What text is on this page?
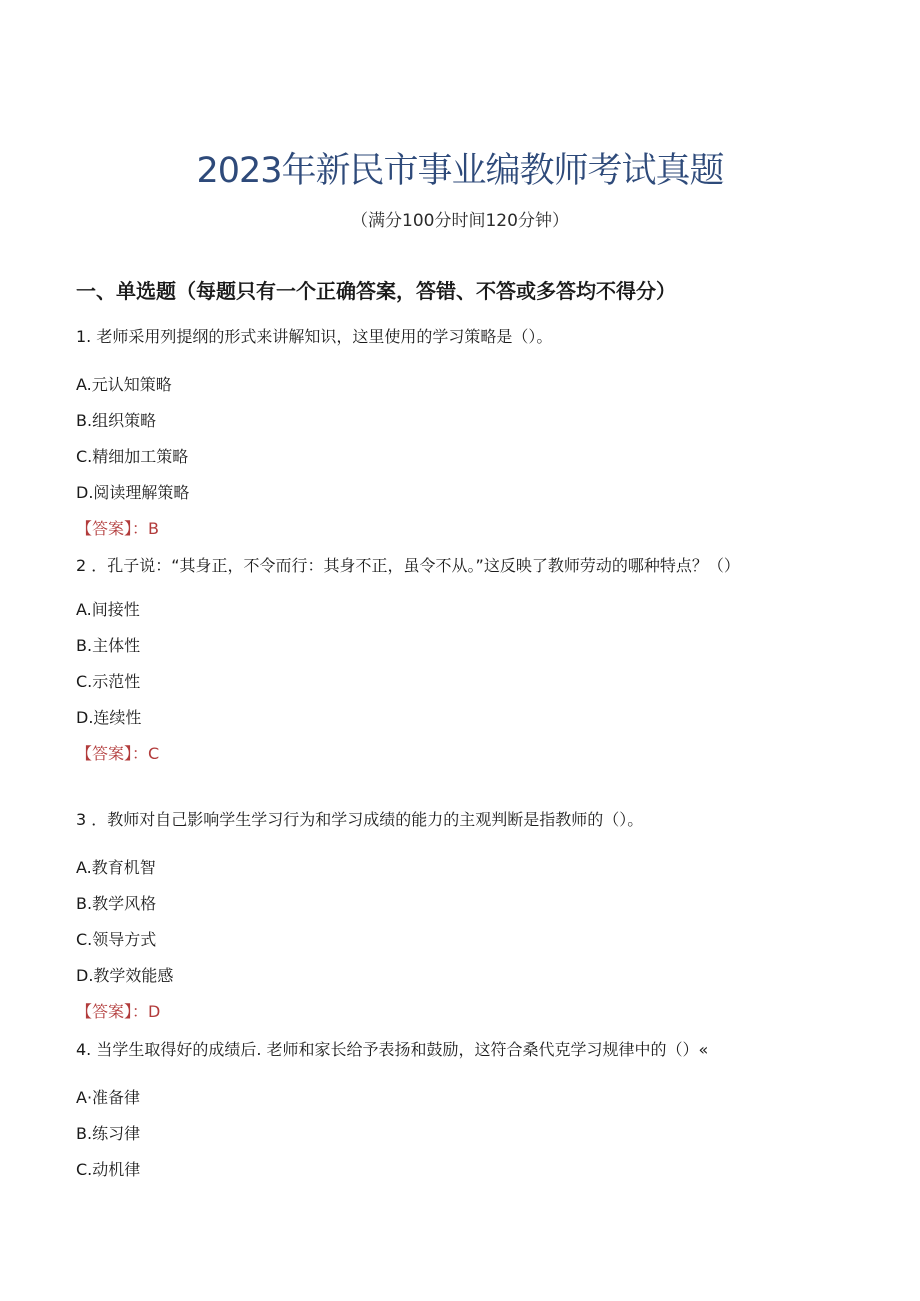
2023年新民市事业编教师考试真题
（满分100分时间120分钟）
一、单选题（每题只有一个正确答案，答错、不答或多答均不得分）

1. 老师采用列提纲的形式来讲解知识，这里使用的学习策略是（）。

A.元认知策略
B.组织策略
C.精细加工策略
D.阅读理解策略
【答案】：B

2 ．孔子说：“其身正，不令而行：其身不正，虽令不从。”这反映了教师劳动的哪种特点？（）

A.间接性
B.主体性
C.示范性
D.连续性
【答案】：C

3 ．教师对自己影响学生学习行为和学习成绩的能力的主观判断是指教师的（）。

A.教育机智
B.教学风格
C.领导方式
D.教学效能感
【答案】：D

4. 当学生取得好的成绩后. 老师和家长给予表扬和鼓励，这符合桑代克学习规律中的（）«

A·准备律
B.练习律
C.动机律
